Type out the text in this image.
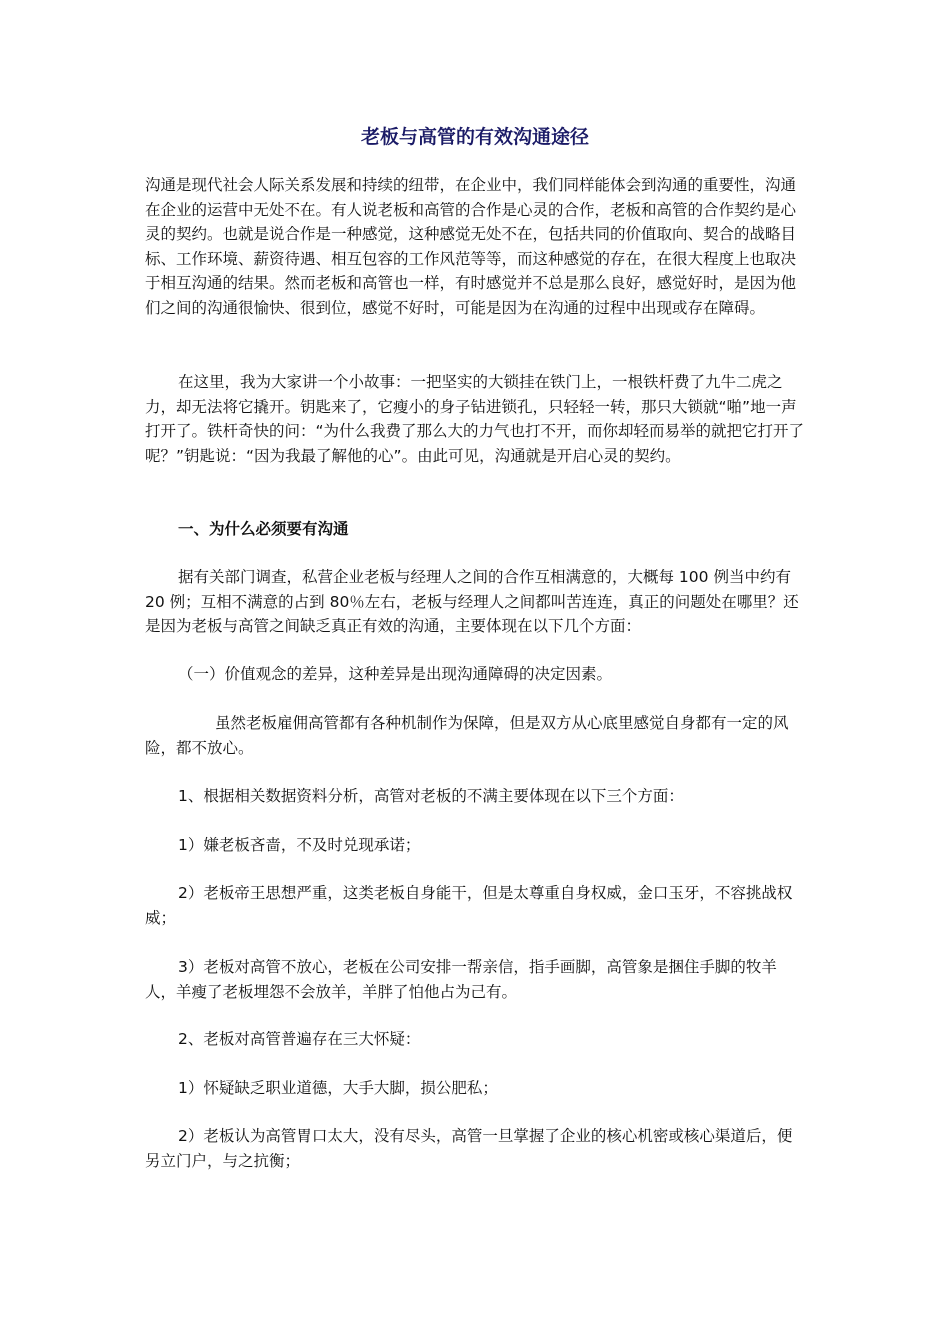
老板与高管的有效沟通途径

沟通是现代社会人际关系发展和持续的纽带，在企业中，我们同样能体会到沟通的重要性，沟通在企业的运营中无处不在。有人说老板和高管的合作是心灵的合作，老板和高管的合作契约是心灵的契约。也就是说合作是一种感觉，这种感觉无处不在，包括共同的价值取向、契合的战略目标、工作环境、薪资待遇、相互包容的工作风范等等，而这种感觉的存在，在很大程度上也取决于相互沟通的结果。然而老板和高管也一样，有时感觉并不总是那么良好，感觉好时，是因为他们之间的沟通很愉快、很到位，感觉不好时，可能是因为在沟通的过程中出现或存在障碍。

在这里，我为大家讲一个小故事：一把坚实的大锁挂在铁门上，一根铁杆费了九牛二虎之力，却无法将它撬开。钥匙来了，它瘦小的身子钻进锁孔，只轻轻一转，那只大锁就“啪”地一声打开了。铁杆奇快的问：“为什么我费了那么大的力气也打不开，而你却轻而易举的就把它打开了呢？”钥匙说：“因为我最了解他的心”。由此可见，沟通就是开启心灵的契约。

一、为什么必须要有沟通

据有关部门调查，私营企业老板与经理人之间的合作互相满意的，大概每 100 例当中约有 20 例；互相不满意的占到 80％左右，老板与经理人之间都叫苦连连，真正的问题处在哪里？还是因为老板与高管之间缺乏真正有效的沟通，主要体现在以下几个方面：

（一）价值观念的差异，这种差异是出现沟通障碍的决定因素。

虽然老板雇佣高管都有各种机制作为保障，但是双方从心底里感觉自身都有一定的风险，都不放心。

1、根据相关数据资料分析，高管对老板的不满主要体现在以下三个方面：

1）嫌老板吝啬，不及时兑现承诺；

2）老板帝王思想严重，这类老板自身能干，但是太尊重自身权威，金口玉牙，不容挑战权威；

3）老板对高管不放心，老板在公司安排一帮亲信，指手画脚，高管象是捆住手脚的牧羊人，羊瘦了老板埋怨不会放羊，羊胖了怕他占为己有。

2、老板对高管普遍存在三大怀疑：

1）怀疑缺乏职业道德，大手大脚，损公肥私；

2）老板认为高管胃口太大，没有尽头，高管一旦掌握了企业的核心机密或核心渠道后，便另立门户，与之抗衡；
